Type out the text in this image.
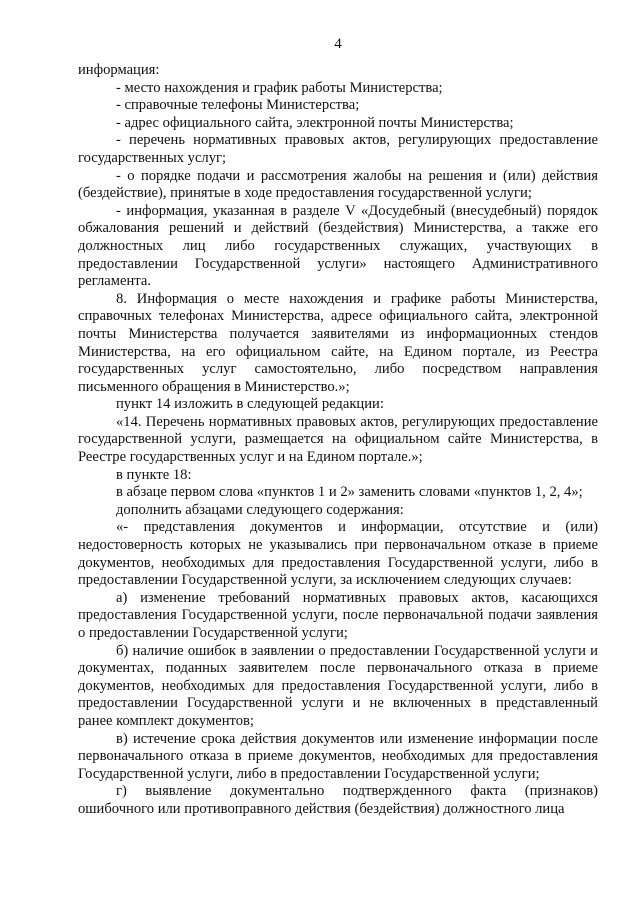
4

информация:

- место нахождения и график работы Министерства;

- справочные телефоны Министерства;

- адрес официального сайта, электронной почты Министерства;

- перечень нормативных правовых актов, регулирующих предоставление государственных услуг;

- о порядке подачи и рассмотрения жалобы на решения и (или) действия (бездействие), принятые в ходе предоставления государственной услуги;

- информация, указанная в разделе V «Досудебный (внесудебный) порядок обжалования решений и действий (бездействия) Министерства, а также его должностных лиц либо государственных служащих, участвующих в предоставлении Государственной услуги» настоящего Административного регламента.

8. Информация о месте нахождения и графике работы Министерства, справочных телефонах Министерства, адресе официального сайта, электронной почты Министерства получается заявителями из информационных стендов Министерства, на его официальном сайте, на Едином портале, из Реестра государственных услуг самостоятельно, либо посредством направления письменного обращения в Министерство.»;

пункт 14 изложить в следующей редакции:

«14. Перечень нормативных правовых актов, регулирующих предоставление государственной услуги, размещается на официальном сайте Министерства, в Реестре государственных услуг и на Едином портале.»;

в пункте 18:

в абзаце первом слова «пунктов 1 и 2» заменить словами «пунктов 1, 2, 4»;

дополнить абзацами следующего содержания:

«- представления документов и информации, отсутствие и (или) недостоверность которых не указывались при первоначальном отказе в приеме документов, необходимых для предоставления Государственной услуги, либо в предоставлении Государственной услуги, за исключением следующих случаев:

а) изменение требований нормативных правовых актов, касающихся предоставления Государственной услуги, после первоначальной подачи заявления о предоставлении Государственной услуги;

б) наличие ошибок в заявлении о предоставлении Государственной услуги и документах, поданных заявителем после первоначального отказа в приеме документов, необходимых для предоставления Государственной услуги, либо в предоставлении Государственной услуги и не включенных в представленный ранее комплект документов;

в) истечение срока действия документов или изменение информации после первоначального отказа в приеме документов, необходимых для предоставления Государственной услуги, либо в предоставлении Государственной услуги;

г) выявление документально подтвержденного факта (признаков) ошибочного или противоправного действия (бездействия) должностного лица
